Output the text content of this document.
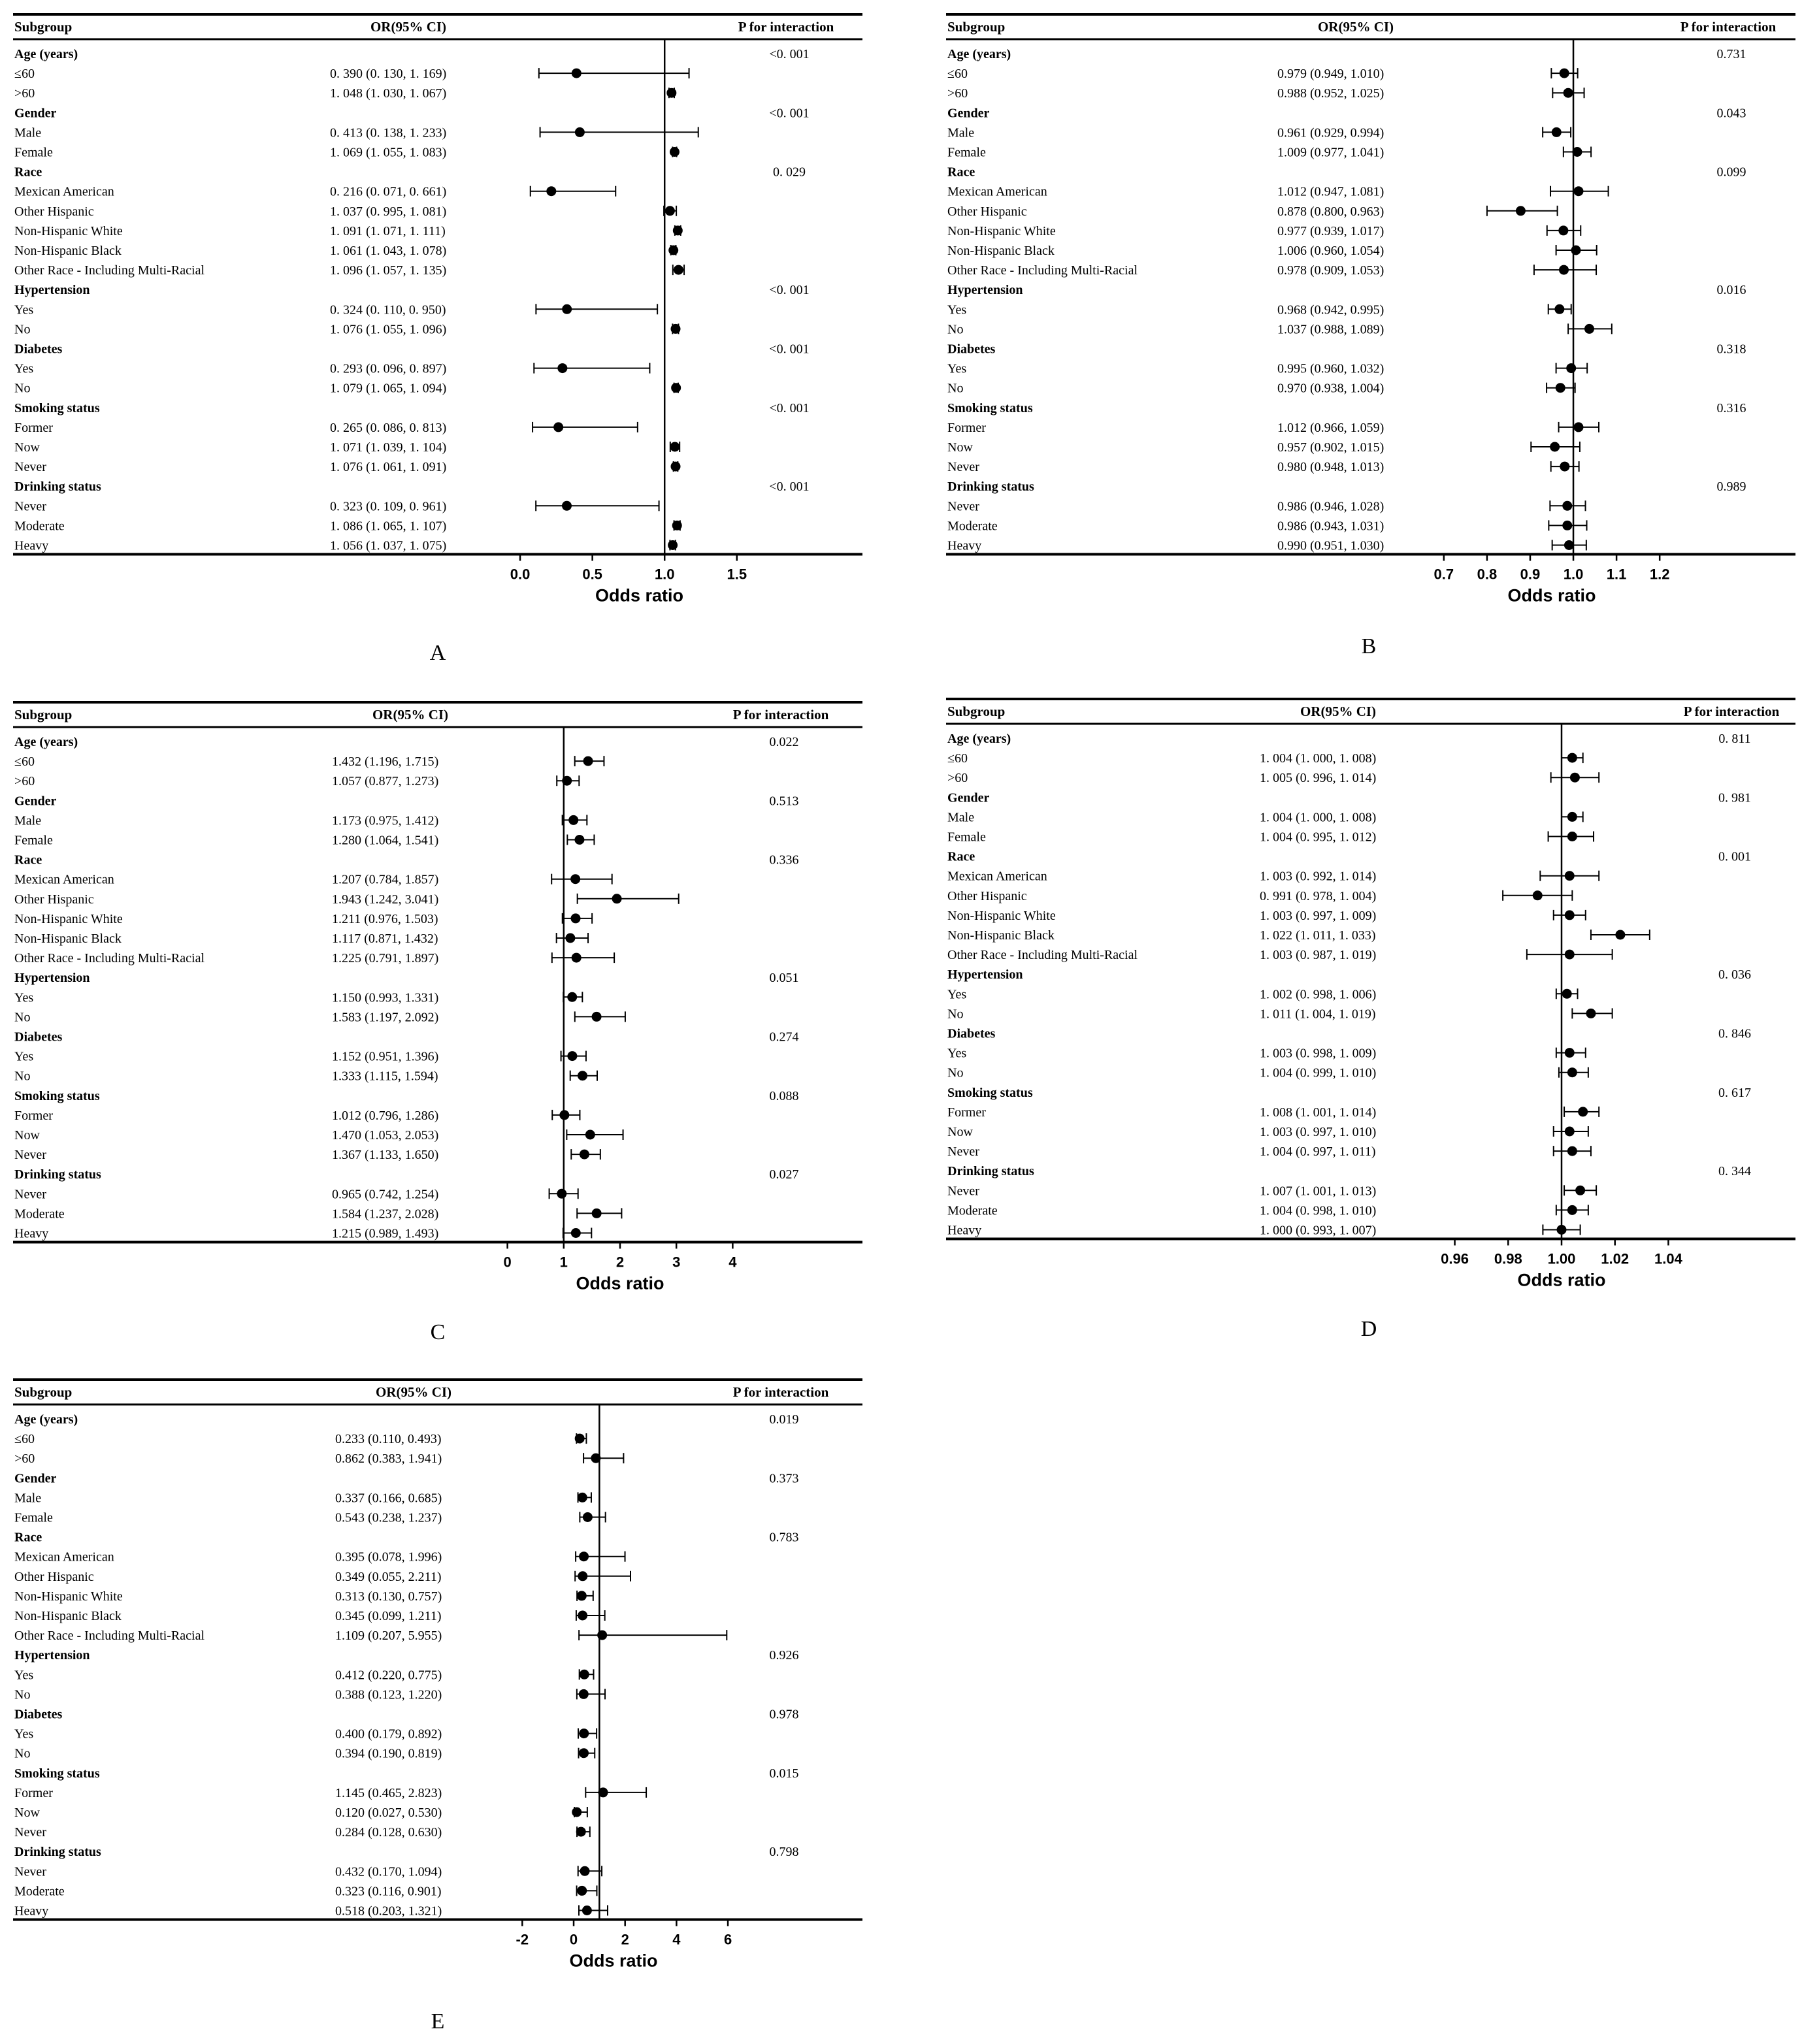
Subgroup	OR(95% CI)	P for interaction
Age (years)	<0. 001
≤60	0. 390 (0. 130, 1. 169)
>60	1. 048 (1. 030, 1. 067)
Gender	<0. 001
Male	0. 413 (0. 138, 1. 233)
Female	1. 069 (1. 055, 1. 083)
Race	0. 029
Mexican American	0. 216 (0. 071, 0. 661)
Other Hispanic	1. 037 (0. 995, 1. 081)
Non-Hispanic White	1. 091 (1. 071, 1. 111)
Non-Hispanic Black	1. 061 (1. 043, 1. 078)
Other Race - Including Multi-Racial	1. 096 (1. 057, 1. 135)
Hypertension	<0. 001
Yes	0. 324 (0. 110, 0. 950)
No	1. 076 (1. 055, 1. 096)
Diabetes	<0. 001
Yes	0. 293 (0. 096, 0. 897)
No	1. 079 (1. 065, 1. 094)
Smoking status	<0. 001
Former	0. 265 (0. 086, 0. 813)
Now	1. 071 (1. 039, 1. 104)
Never	1. 076 (1. 061, 1. 091)
Drinking status	<0. 001
Never	0. 323 (0. 109, 0. 961)
Moderate	1. 086 (1. 065, 1. 107)
Heavy	1. 056 (1. 037, 1. 075)
0.0	0.5	1.0	1.5
Odds ratio
A
Subgroup	OR(95% CI)	P for interaction
Age (years)	0.731
≤60	0.979 (0.949, 1.010)
>60	0.988 (0.952, 1.025)
Gender	0.043
Male	0.961 (0.929, 0.994)
Female	1.009 (0.977, 1.041)
Race	0.099
Mexican American	1.012 (0.947, 1.081)
Other Hispanic	0.878 (0.800, 0.963)
Non-Hispanic White	0.977 (0.939, 1.017)
Non-Hispanic Black	1.006 (0.960, 1.054)
Other Race - Including Multi-Racial	0.978 (0.909, 1.053)
Hypertension	0.016
Yes	0.968 (0.942, 0.995)
No	1.037 (0.988, 1.089)
Diabetes	0.318
Yes	0.995 (0.960, 1.032)
No	0.970 (0.938, 1.004)
Smoking status	0.316
Former	1.012 (0.966, 1.059)
Now	0.957 (0.902, 1.015)
Never	0.980 (0.948, 1.013)
Drinking status	0.989
Never	0.986 (0.946, 1.028)
Moderate	0.986 (0.943, 1.031)
Heavy	0.990 (0.951, 1.030)
0.7 0.8 0.9 1.0 1.1 1.2
Odds ratio
B
Subgroup	OR(95% CI)	P for interaction
Age (years)	0.022
≤60	1.432 (1.196, 1.715)
>60	1.057 (0.877, 1.273)
Gender	0.513
Male	1.173 (0.975, 1.412)
Female	1.280 (1.064, 1.541)
Race	0.336
Mexican American	1.207 (0.784, 1.857)
Other Hispanic	1.943 (1.242, 3.041)
Non-Hispanic White	1.211 (0.976, 1.503)
Non-Hispanic Black	1.117 (0.871, 1.432)
Other Race - Including Multi-Racial	1.225 (0.791, 1.897)
Hypertension	0.051
Yes	1.150 (0.993, 1.331)
No	1.583 (1.197, 2.092)
Diabetes	0.274
Yes	1.152 (0.951, 1.396)
No	1.333 (1.115, 1.594)
Smoking status	0.088
Former	1.012 (0.796, 1.286)
Now	1.470 (1.053, 2.053)
Never	1.367 (1.133, 1.650)
Drinking status	0.027
Never	0.965 (0.742, 1.254)
Moderate	1.584 (1.237, 2.028)
Heavy	1.215 (0.989, 1.493)
0	1	2	3	4
Odds ratio
C
Subgroup	OR(95% CI)	P for interaction
Age (years)	0. 811
≤60	1. 004 (1. 000, 1. 008)
>60	1. 005 (0. 996, 1. 014)
Gender	0. 981
Male	1. 004 (1. 000, 1. 008)
Female	1. 004 (0. 995, 1. 012)
Race	0. 001
Mexican American	1. 003 (0. 992, 1. 014)
Other Hispanic	0. 991 (0. 978, 1. 004)
Non-Hispanic White	1. 003 (0. 997, 1. 009)
Non-Hispanic Black	1. 022 (1. 011, 1. 033)
Other Race - Including Multi-Racial	1. 003 (0. 987, 1. 019)
Hypertension	0. 036
Yes	1. 002 (0. 998, 1. 006)
No	1. 011 (1. 004, 1. 019)
Diabetes	0. 846
Yes	1. 003 (0. 998, 1. 009)
No	1. 004 (0. 999, 1. 010)
Smoking status	0. 617
Former	1. 008 (1. 001, 1. 014)
Now	1. 003 (0. 997, 1. 010)
Never	1. 004 (0. 997, 1. 011)
Drinking status	0. 344
Never	1. 007 (1. 001, 1. 013)
Moderate	1. 004 (0. 998, 1. 010)
Heavy	1. 000 (0. 993, 1. 007)
0.96 0.98 1.00 1.02 1.04
Odds ratio
D
Subgroup	OR(95% CI)	P for interaction
Age (years)	0.019
≤60	0.233 (0.110, 0.493)
>60	0.862 (0.383, 1.941)
Gender	0.373
Male	0.337 (0.166, 0.685)
Female	0.543 (0.238, 1.237)
Race	0.783
Mexican American	0.395 (0.078, 1.996)
Other Hispanic	0.349 (0.055, 2.211)
Non-Hispanic White	0.313 (0.130, 0.757)
Non-Hispanic Black	0.345 (0.099, 1.211)
Other Race - Including Multi-Racial	1.109 (0.207, 5.955)
Hypertension	0.926
Yes	0.412 (0.220, 0.775)
No	0.388 (0.123, 1.220)
Diabetes	0.978
Yes	0.400 (0.179, 0.892)
No	0.394 (0.190, 0.819)
Smoking status	0.015
Former	1.145 (0.465, 2.823)
Now	0.120 (0.027, 0.530)
Never	0.284 (0.128, 0.630)
Drinking status	0.798
Never	0.432 (0.170, 1.094)
Moderate	0.323 (0.116, 0.901)
Heavy	0.518 (0.203, 1.321)
-2	0	2	4	6
Odds ratio
E
